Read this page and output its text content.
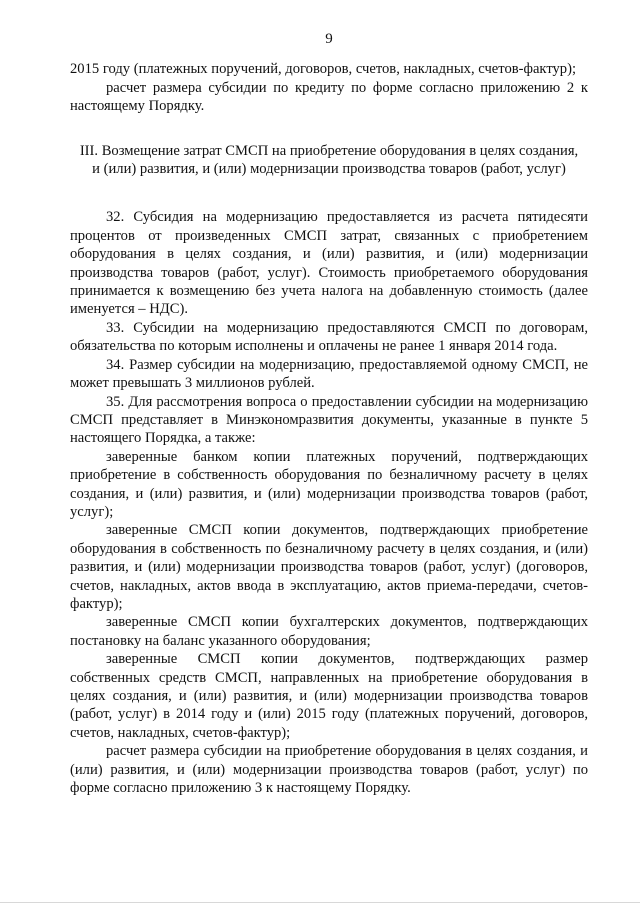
9

2015 году (платежных поручений, договоров, счетов, накладных, счетов-фактур);

расчет размера субсидии по кредиту по форме согласно приложению 2 к настоящему Порядку.

III. Возмещение затрат СМСП на приобретение оборудования в целях создания,
и (или) развития, и (или) модернизации производства товаров (работ, услуг)

32. Субсидия на модернизацию предоставляется из расчета пятидесяти процентов от произведенных СМСП затрат, связанных с приобретением оборудования в целях создания, и (или) развития, и (или) модернизации производства товаров (работ, услуг). Стоимость приобретаемого оборудования принимается к возмещению без учета налога на добавленную стоимость (далее именуется – НДС).

33. Субсидии на модернизацию предоставляются СМСП по договорам, обязательства по которым исполнены и оплачены не ранее 1 января 2014 года.

34. Размер субсидии на модернизацию, предоставляемой одному СМСП, не может превышать 3 миллионов рублей.

35. Для рассмотрения вопроса о предоставлении субсидии на модернизацию СМСП представляет в Минэкономразвития документы, указанные в пункте 5 настоящего Порядка, а также:

заверенные банком копии платежных поручений, подтверждающих приобретение в собственность оборудования по безналичному расчету в целях создания, и (или) развития, и (или) модернизации производства товаров (работ, услуг);

заверенные СМСП копии документов, подтверждающих приобретение оборудования в собственность по безналичному расчету в целях создания, и (или) развития, и (или) модернизации производства товаров (работ, услуг) (договоров, счетов, накладных, актов ввода в эксплуатацию, актов приема-передачи, счетов-фактур);

заверенные СМСП копии бухгалтерских документов, подтверждающих постановку на баланс указанного оборудования;

заверенные СМСП копии документов, подтверждающих размер собственных средств СМСП, направленных на приобретение оборудования в целях создания, и (или) развития, и (или) модернизации производства товаров (работ, услуг) в 2014 году и (или) 2015 году (платежных поручений, договоров, счетов, накладных, счетов-фактур);

расчет размера субсидии на приобретение оборудования в целях создания, и (или) развития, и (или) модернизации производства товаров (работ, услуг) по форме согласно приложению 3 к настоящему Порядку.
